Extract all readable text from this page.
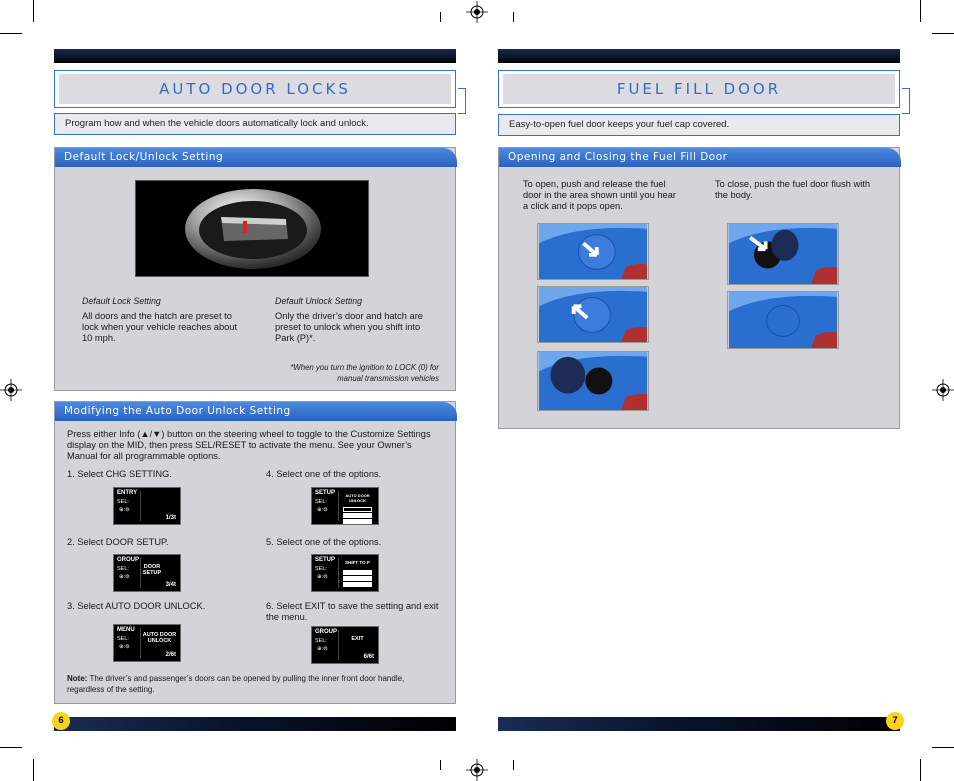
AUTO DOOR LOCKS
Program how and when the vehicle doors automatically lock and unlock.
Default Lock/Unlock Setting
Default Lock Setting
All doors and the hatch are preset to lock when your vehicle reaches about 10 mph.
Default Unlock Setting
Only the driver’s door and hatch are preset to unlock when you shift into Park (P)*.
*When you turn the ignition to LOCK (0) for manual transmission vehicles
Modifying the Auto Door Unlock Setting
Press either Info (▲/▼) button on the steering wheel to toggle to the Customize Settings display on the MID, then press SEL/RESET to activate the menu. See your Owner’s Manual for all programmable options.
1. Select CHG SETTING.
ENTRY
SEL:
⊕:⊜
1/3t
2. Select DOOR SETUP.
GROUP
SEL:
⊕:⊜
DOOR SETUP
3/4t
3. Select AUTO DOOR UNLOCK.
MENU
SEL:
⊕:⊜
AUTO DOOR UNLOCK
2/6t
4. Select one of the options.
SETUP
SEL:
⊕:⊜
AUTO DOOR UNLOCK
5. Select one of the options.
SETUP
SEL:
⊕:⊜
SHIFT TO P
6. Select EXIT to save the setting and exit the menu.
GROUP
SEL:
⊕:⊜
EXIT
6/6t
Note: The driver’s and passenger’s doors can be opened by pulling the inner front door handle, regardless of the setting.
6
FUEL FILL DOOR
Easy-to-open fuel door keeps your fuel cap covered.
Opening and Closing the Fuel Fill Door
To open, push and release the fuel door in the area shown until you hear a click and it pops open.
To close, push the fuel door flush with the body.
7
